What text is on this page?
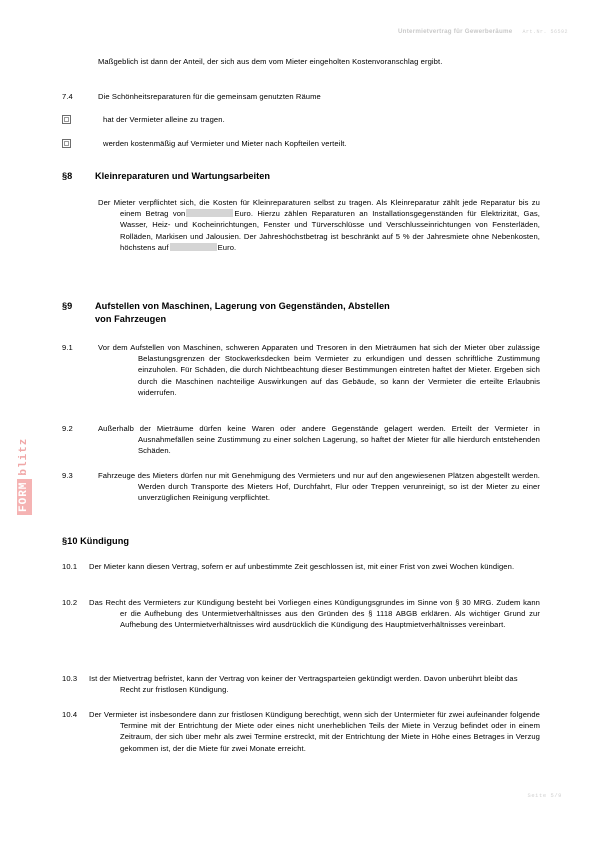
Untermietvertrag für Gewerberäume Art.Nr. 56592
FORM
blitz
Maßgeblich ist dann der Anteil, der sich aus dem vom Mieter eingeholten Kostenvoranschlag ergibt.
7.4	Die Schönheitsreparaturen für die gemeinsam genutzten Räume
hat der Vermieter alleine zu tragen.
werden kostenmäßig auf Vermieter und Mieter nach Kopfteilen verteilt.
§8	Kleinreparaturen und Wartungsarbeiten
Der Mieter verpflichtet sich, die Kosten für Kleinreparaturen selbst zu tragen. Als Kleinreparatur zählt jede Reparatur bis zu einem Betrag von	Euro. Hierzu zählen Reparaturen an Installationsgegenständen für Elektrizität, Gas, Wasser, Heiz- und Kocheinrichtungen, Fenster und Türverschlüsse und Verschlusseinrichtungen von Fensterläden, Rolläden, Markisen und Jalousien. Der Jahreshöchstbetrag ist beschränkt auf 5 % der Jahresmiete ohne Nebenkosten, höchstens auf	Euro.
§9	Aufstellen von Maschinen, Lagerung von Gegenständen, Abstellen
von Fahrzeugen
9.1	Vor dem Aufstellen von Maschinen, schweren Apparaten und Tresoren in den Mieträumen hat sich der Mieter über zulässige Belastungsgrenzen der Stockwerksdecken beim Vermieter zu erkundigen und dessen schriftliche Zustimmung einzuholen. Für Schäden, die durch Nichtbeachtung dieser Bestimmungen eintreten haftet der Mieter. Ergeben sich durch die Maschinen nachteilige Auswirkungen auf das Gebäude, so kann der Vermieter die erteilte Erlaubnis widerrufen.
9.2	Außerhalb der Mieträume dürfen keine Waren oder andere Gegenstände gelagert werden. Erteilt der Vermieter in Ausnahmefällen seine Zustimmung zu einer solchen Lagerung, so haftet der Mieter für alle hierdurch entstehenden Schäden.
9.3	Fahrzeuge des Mieters dürfen nur mit Genehmigung des Vermieters und nur auf den angewiesenen Plätzen abgestellt werden. Werden durch Transporte des Mieters Hof, Durchfahrt, Flur oder Treppen verunreinigt, so ist der Mieter zu einer unverzüglichen Reinigung verpflichtet.
§10 Kündigung
10.1	Der Mieter kann diesen Vertrag, sofern er auf unbestimmte Zeit geschlossen ist, mit einer Frist von zwei Wochen kündigen.
10.2	Das Recht des Vermieters zur Kündigung besteht bei Vorliegen eines Kündigungsgrundes im Sinne von § 30 MRG. Zudem kann er die Aufhebung des Untermietverhältnisses aus den Gründen des § 1118 ABGB erklären. Als wichtiger Grund zur Aufhebung des Untermietverhältnisses wird ausdrücklich die Kündigung des Hauptmietverhältnisses vereinbart.
10.3	Ist der Mietvertrag befristet, kann der Vertrag von keiner der Vertragsparteien gekündigt werden. Davon unberührt bleibt das Recht zur fristlosen Kündigung.
10.4	Der Vermieter ist insbesondere dann zur fristlosen Kündigung berechtigt, wenn sich der Untermieter für zwei aufeinander folgende Termine mit der Entrichtung der Miete oder eines nicht unerheblichen Teils der Miete in Verzug befindet oder in einem Zeitraum, der sich über mehr als zwei Termine erstreckt, mit der Entrichtung der Miete in Höhe eines Betrages in Verzug gekommen ist, der die Miete für zwei Monate erreicht.
Seite 5/9
